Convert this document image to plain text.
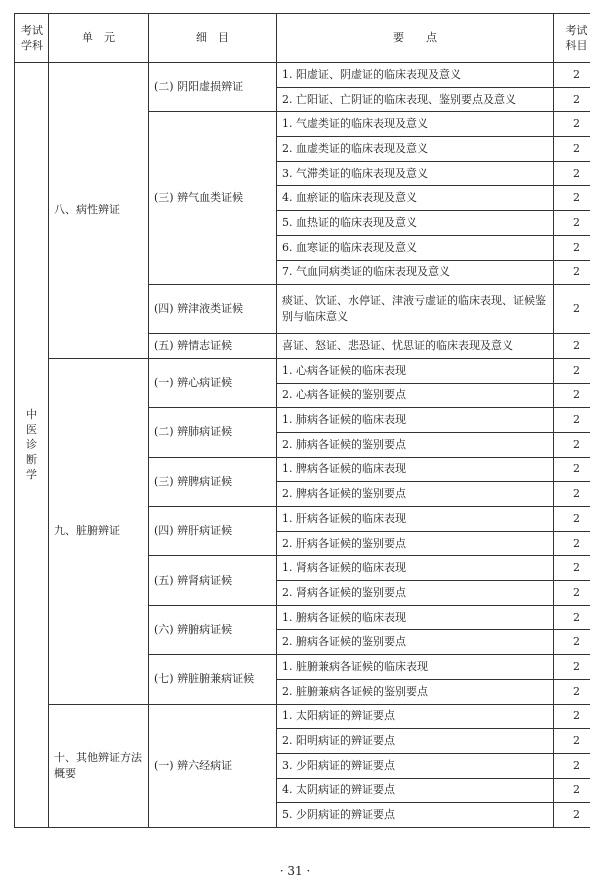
考试学科	单　元	细　目	要　　点	考试科目
中医诊断学	八、病性辨证	(二) 阴阳虚损辨证	1. 阳虚证、阴虚证的临床表现及意义	2
			2. 亡阳证、亡阴证的临床表现、鉴别要点及意义	2
		(三) 辨气血类证候	1. 气虚类证的临床表现及意义	2
			2. 血虚类证的临床表现及意义	2
			3. 气滞类证的临床表现及意义	2
			4. 血瘀证的临床表现及意义	2
			5. 血热证的临床表现及意义	2
			6. 血寒证的临床表现及意义	2
			7. 气血同病类证的临床表现及意义	2
		(四) 辨津液类证候	痰证、饮证、水停证、津液亏虚证的临床表现、证候鉴别与临床意义	2
		(五) 辨情志证候	喜证、怒证、悲恐证、忧思证的临床表现及意义	2
	九、脏腑辨证	(一) 辨心病证候	1. 心病各证候的临床表现	2
			2. 心病各证候的鉴别要点	2
		(二) 辨肺病证候	1. 肺病各证候的临床表现	2
			2. 肺病各证候的鉴别要点	2
		(三) 辨脾病证候	1. 脾病各证候的临床表现	2
			2. 脾病各证候的鉴别要点	2
		(四) 辨肝病证候	1. 肝病各证候的临床表现	2
			2. 肝病各证候的鉴别要点	2
		(五) 辨肾病证候	1. 肾病各证候的临床表现	2
			2. 肾病各证候的鉴别要点	2
		(六) 辨腑病证候	1. 腑病各证候的临床表现	2
			2. 腑病各证候的鉴别要点	2
		(七) 辨脏腑兼病证候	1. 脏腑兼病各证候的临床表现	2
			2. 脏腑兼病各证候的鉴别要点	2
	十、其他辨证方法概要	(一) 辨六经病证	1. 太阳病证的辨证要点	2
			2. 阳明病证的辨证要点	2
			3. 少阳病证的辨证要点	2
			4. 太阴病证的辨证要点	2
			5. 少阴病证的辨证要点	2
· 31 ·
